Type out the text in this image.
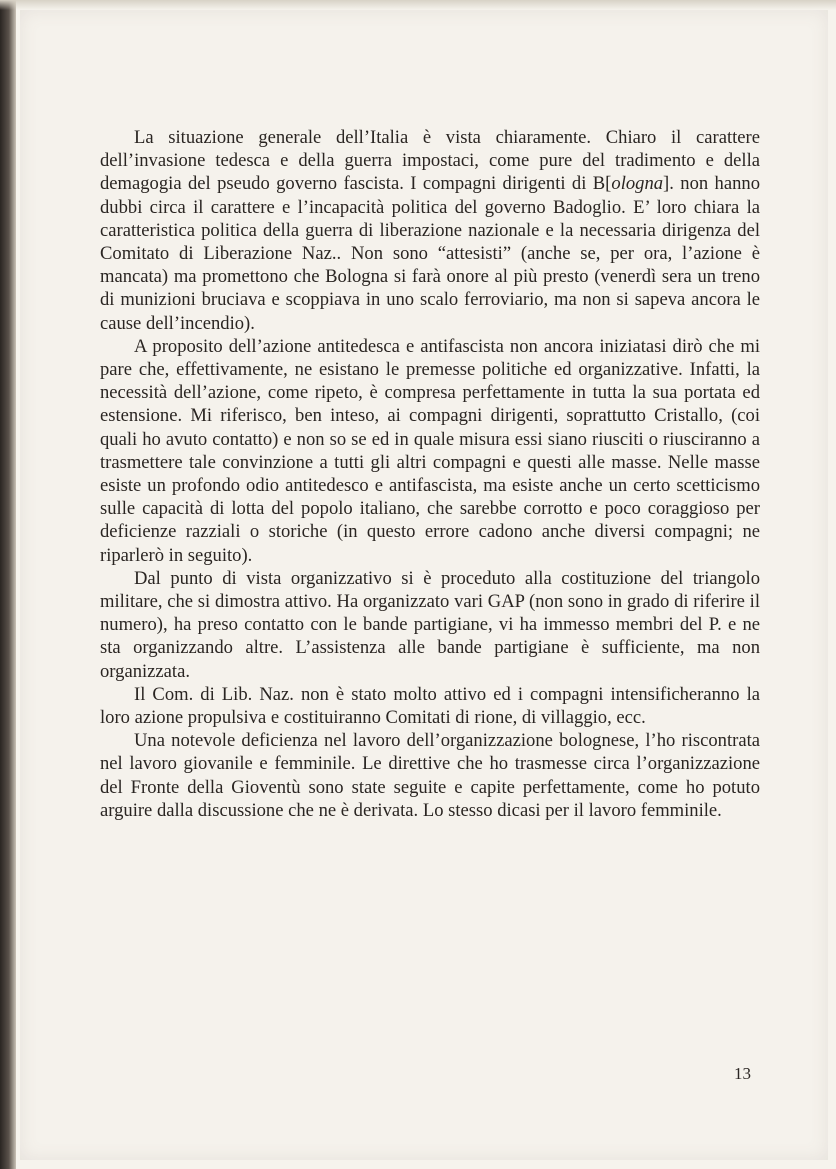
La situazione generale dell’Italia è vista chiaramente. Chiaro il carattere dell’invasione tedesca e della guerra impostaci, come pure del tradimento e della demagogia del pseudo governo fascista. I compagni dirigenti di B[ologna]. non hanno dubbi circa il carattere e l’incapacità politica del governo Badoglio. E’ loro chiara la caratteristica politica della guerra di liberazione nazionale e la necessaria dirigenza del Comitato di Liberazione Naz.. Non sono “attesisti” (anche se, per ora, l’azione è mancata) ma promettono che Bologna si farà onore al più presto (venerdì sera un treno di munizioni bruciava e scoppiava in uno scalo ferroviario, ma non si sapeva ancora le cause dell’incendio).

A proposito dell’azione antitedesca e antifascista non ancora iniziatasi dirò che mi pare che, effettivamente, ne esistano le premesse politiche ed organizzative. Infatti, la necessità dell’azione, come ripeto, è compresa perfettamente in tutta la sua portata ed estensione. Mi riferisco, ben inteso, ai compagni dirigenti, soprattutto Cristallo, (coi quali ho avuto contatto) e non so se ed in quale misura essi siano riusciti o riusciranno a trasmettere tale convinzione a tutti gli altri compagni e questi alle masse. Nelle masse esiste un profondo odio antitedesco e antifascista, ma esiste anche un certo scetticismo sulle capacità di lotta del popolo italiano, che sarebbe corrotto e poco coraggioso per deficienze razziali o storiche (in questo errore cadono anche diversi compagni; ne riparlerò in seguito).

Dal punto di vista organizzativo si è proceduto alla costituzione del triangolo militare, che si dimostra attivo. Ha organizzato vari GAP (non sono in grado di riferire il numero), ha preso contatto con le bande partigiane, vi ha immesso membri del P. e ne sta organizzando altre. L’assistenza alle bande partigiane è sufficiente, ma non organizzata.

Il Com. di Lib. Naz. non è stato molto attivo ed i compagni intensificheranno la loro azione propulsiva e costituiranno Comitati di rione, di villaggio, ecc.

Una notevole deficienza nel lavoro dell’organizzazione bolognese, l’ho riscontrata nel lavoro giovanile e femminile. Le direttive che ho trasmesse circa l’organizzazione del Fronte della Gioventù sono state seguite e capite perfettamente, come ho potuto arguire dalla discussione che ne è derivata. Lo stesso dicasi per il lavoro femminile.

13
